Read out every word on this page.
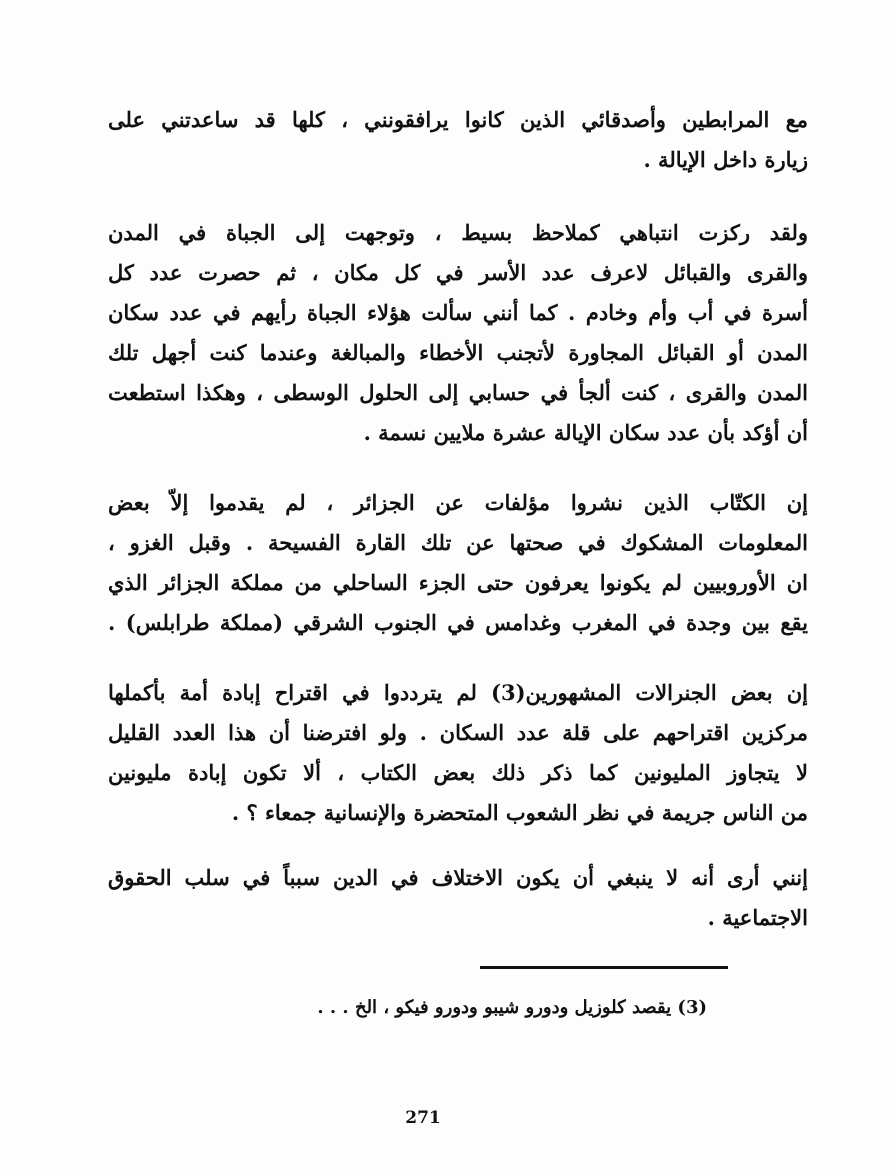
مع المرابطين وأصدقائي الذين كانوا يرافقونني ، كلها قد ساعدتني على
زيارة داخل الإيالة .
ولقد ركزت انتباهي كملاحظ بسيط ، وتوجهت إلى الجباة في المدن
والقرى والقبائل لاعرف عدد الأسر في كل مكان ، ثم حصرت عدد كل
أسرة في أب وأم وخادم . كما أنني سألت هؤلاء الجباة رأيهم في عدد سكان
المدن أو القبائل المجاورة لأتجنب الأخطاء والمبالغة وعندما كنت أجهل تلك
المدن والقرى ، كنت ألجأ في حسابي إلى الحلول الوسطى ، وهكذا استطعت
أن أؤكد بأن عدد سكان الإيالة عشرة ملايين نسمة .
إن الكتّاب الذين نشروا مؤلفات عن الجزائر ، لم يقدموا إلاّ بعض
المعلومات المشكوك في صحتها عن تلك القارة الفسيحة . وقبل الغزو ،
ان الأوروبيين لم يكونوا يعرفون حتى الجزء الساحلي من مملكة الجزائر الذي
يقع بين وجدة في المغرب وغدامس في الجنوب الشرقي (مملكة طرابلس) .
إن بعض الجنرالات المشهورين(3) لم يترددوا في اقتراح إبادة أمة بأكملها
مركزين اقتراحهم على قلة عدد السكان . ولو افترضنا أن هذا العدد القليل
لا يتجاوز المليونين كما ذكر ذلك بعض الكتاب ، ألا تكون إبادة مليونين
من الناس جريمة في نظر الشعوب المتحضرة والإنسانية جمعاء ؟ .
إنني أرى أنه لا ينبغي أن يكون الاختلاف في الدين سبباً في سلب الحقوق
الاجتماعية .
(3) يقصد كلوزيل ودورو شيبو ودورو فيكو ، الخ . . .
271
